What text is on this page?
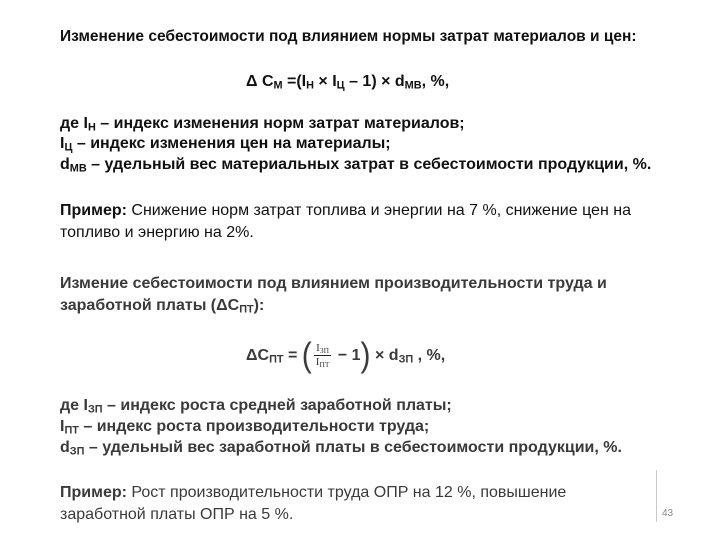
Изменение себестоимости под влиянием нормы затрат материалов и цен:
Δ $C_М =(I_Н \times I_Ц - 1) \times d_{МВ}$, %,
де $I_Н$ – индекс изменения норм затрат материалов;
$I_Ц$ – индекс изменения цен на материалы;
$d_{МВ}$ – удельный вес материальных затрат в себестоимости продукции, %.
Пример: Снижение норм затрат топлива и энергии на 7 %, снижение цен на
топливо и энергию на 2%.
Измение себестоимости под влиянием производительности труда и
заработной платы $(\Delta C_{ПТ})$:
$\Delta C_{ПТ}$ = ( $\frac{I_{ЗП}}{I_{ПТ}} - 1) \times d_{ЗП}$ , %,
де $I_{ЗП}$ – индекс роста средней заработной платы;
$I_{ПТ}$ – индекс роста производительности труда;
$d_{ЗП}$ – удельный вес заработной платы в себестоимости продукции, %.
Пример: Рост производительности труда ОПР на 12 %, повышение
заработной платы ОПР на 5 %.	43
